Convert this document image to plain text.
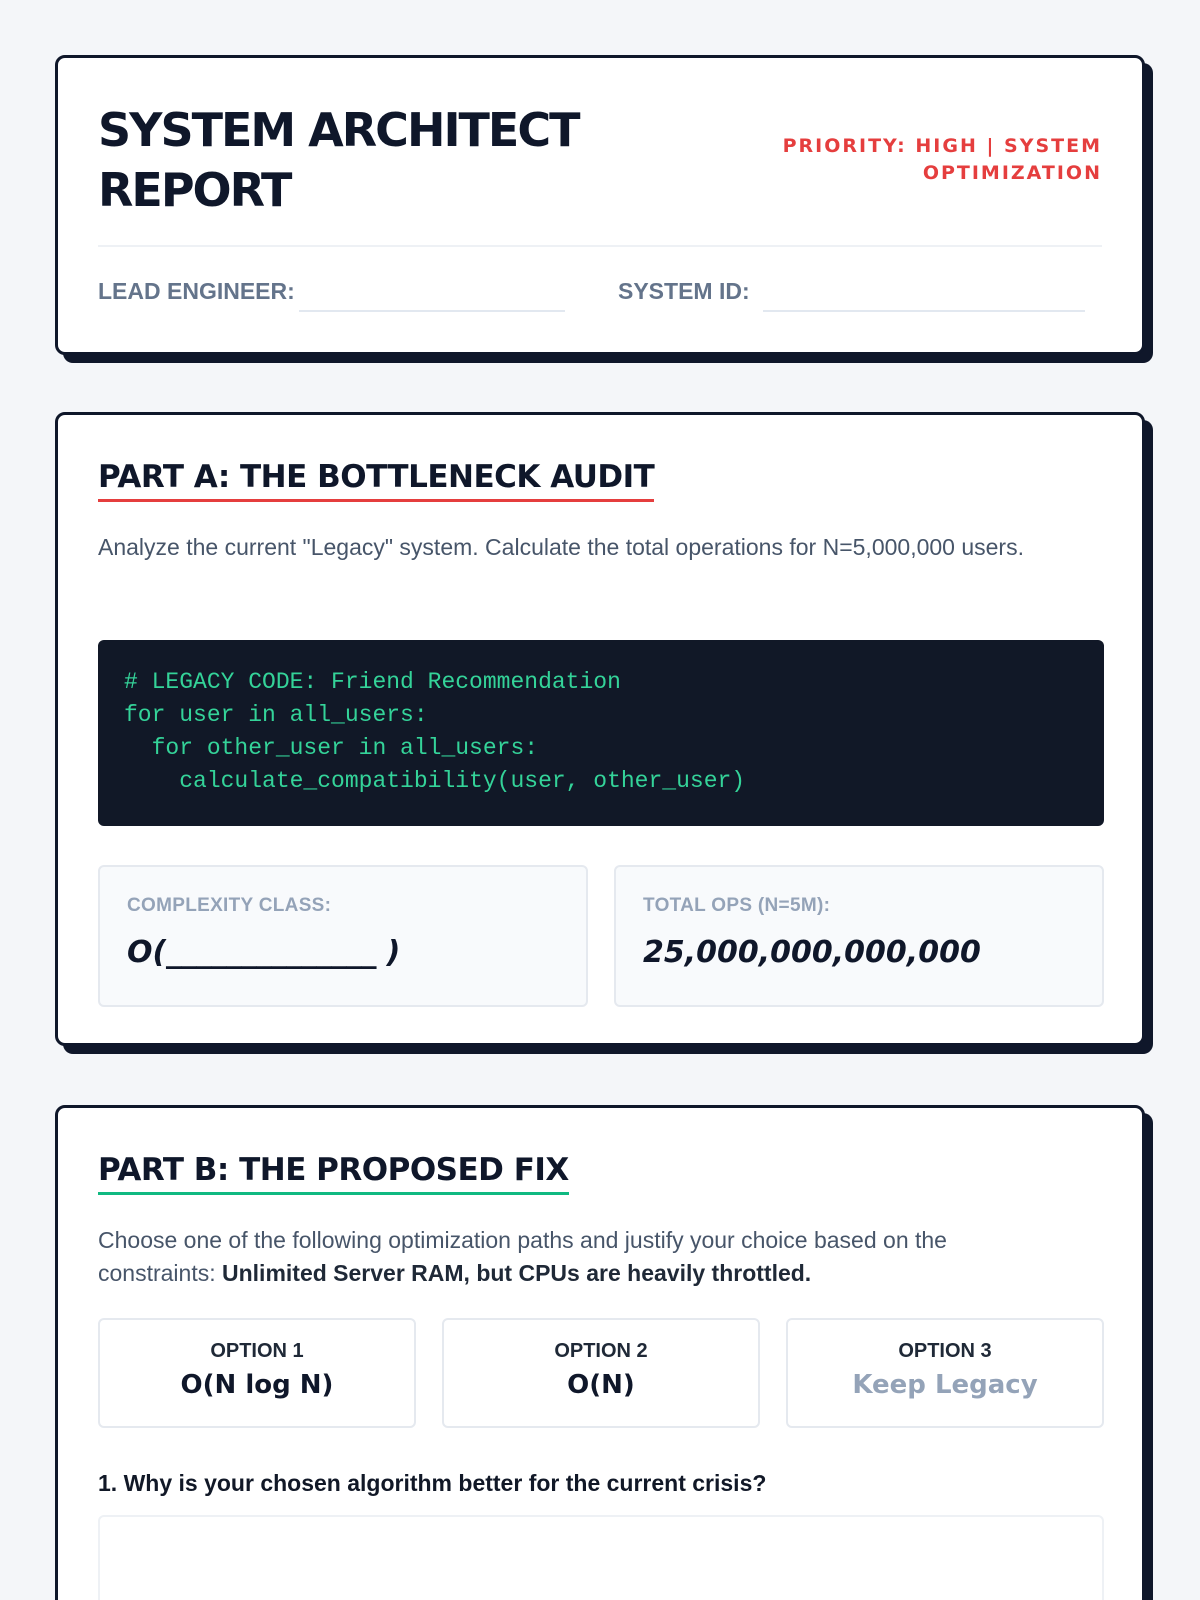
SYSTEM ARCHITECT
REPORT
PRIORITY: HIGH | SYSTEM
OPTIMIZATION
LEAD ENGINEER:	SYSTEM ID:
PART A: THE BOTTLENECK AUDIT
Analyze the current "Legacy" system. Calculate the total operations for N=5,000,000 users.
# LEGACY CODE: Friend Recommendation
for user in all_users:
for other_user in all_users:
calculate_compatibility(user, other_user)
COMPLEXITY CLASS:
O(______________ )
TOTAL OPS (N=5M):
25,000,000,000,000
PART B: THE PROPOSED FIX
Choose one of the following optimization paths and justify your choice based on the constraints: Unlimited Server RAM, but CPUs are heavily throttled.
OPTION 1
O(N log N)
OPTION 2
O(N)
OPTION 3
Keep Legacy
1. Why is your chosen algorithm better for the current crisis?
